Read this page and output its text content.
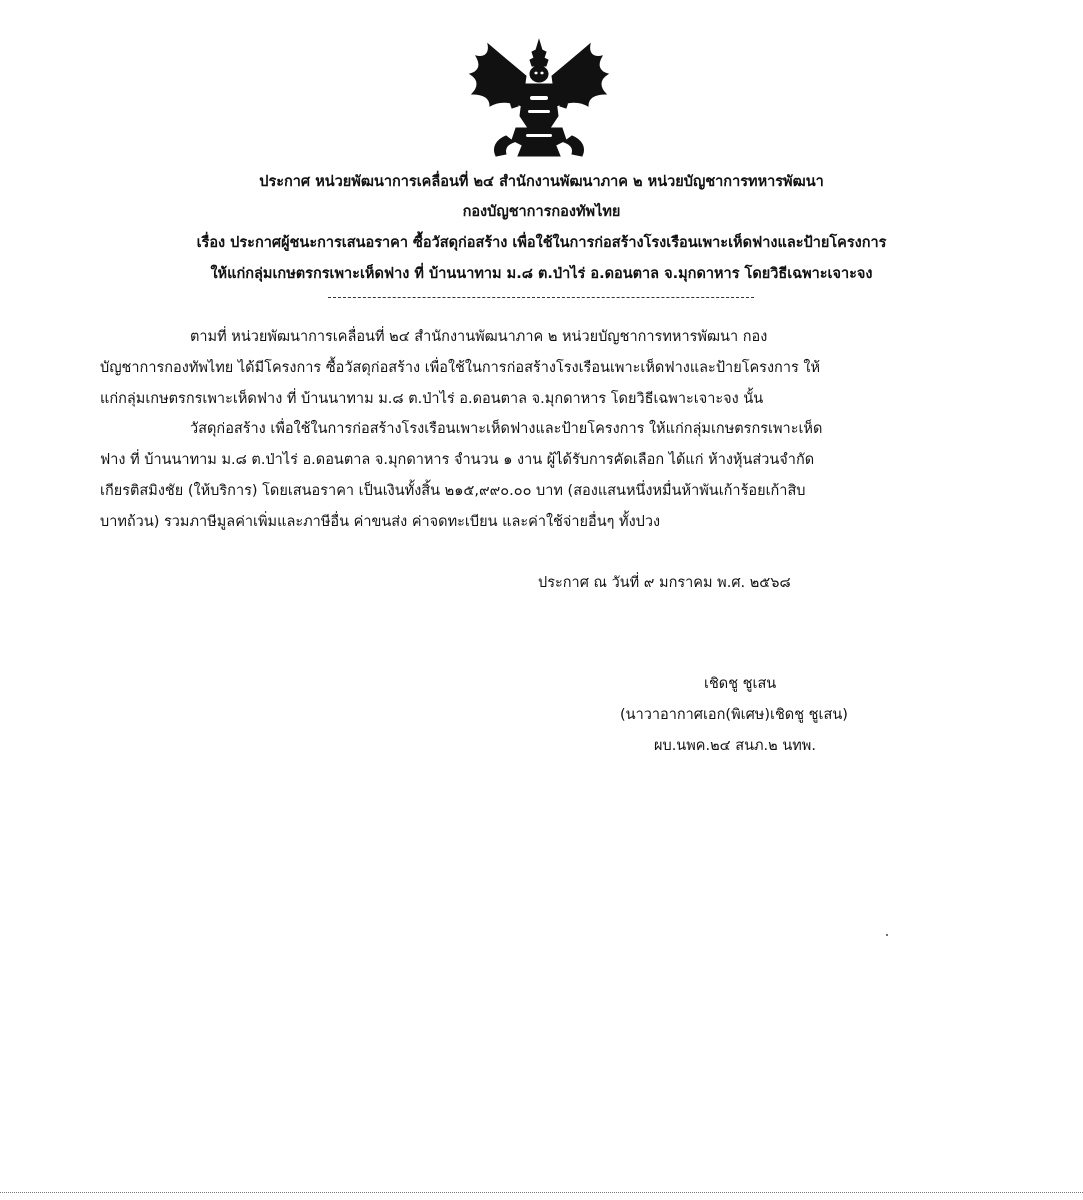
ประกาศ หน่วยพัฒนาการเคลื่อนที่ ๒๔ สำนักงานพัฒนาภาค ๒ หน่วยบัญชาการทหารพัฒนา
กองบัญชาการกองทัพไทย
เรื่อง ประกาศผู้ชนะการเสนอราคา ซื้อวัสดุก่อสร้าง เพื่อใช้ในการก่อสร้างโรงเรือนเพาะเห็ดฟางและป้ายโครงการ
ให้แก่กลุ่มเกษตรกรเพาะเห็ดฟาง ที่ บ้านนาทาม ม.๘ ต.ป่าไร่ อ.ดอนตาล จ.มุกดาหาร โดยวิธีเฉพาะเจาะจง
ตามที่ หน่วยพัฒนาการเคลื่อนที่ ๒๔ สำนักงานพัฒนาภาค ๒ หน่วยบัญชาการทหารพัฒนา กอง
บัญชาการกองทัพไทย ได้มีโครงการ ซื้อวัสดุก่อสร้าง เพื่อใช้ในการก่อสร้างโรงเรือนเพาะเห็ดฟางและป้ายโครงการ ให้
แก่กลุ่มเกษตรกรเพาะเห็ดฟาง ที่ บ้านนาทาม ม.๘ ต.ป่าไร่ อ.ดอนตาล จ.มุกดาหาร โดยวิธีเฉพาะเจาะจง นั้น
วัสดุก่อสร้าง เพื่อใช้ในการก่อสร้างโรงเรือนเพาะเห็ดฟางและป้ายโครงการ ให้แก่กลุ่มเกษตรกรเพาะเห็ด
ฟาง ที่ บ้านนาทาม ม.๘ ต.ป่าไร่ อ.ดอนตาล จ.มุกดาหาร จำนวน ๑ งาน ผู้ได้รับการคัดเลือก ได้แก่ ห้างหุ้นส่วนจำกัด
เกียรติสมิงชัย (ให้บริการ) โดยเสนอราคา เป็นเงินทั้งสิ้น ๒๑๕,๙๙๐.๐๐ บาท (สองแสนหนึ่งหมื่นห้าพันเก้าร้อยเก้าสิบ
บาทถ้วน) รวมภาษีมูลค่าเพิ่มและภาษีอื่น ค่าขนส่ง ค่าจดทะเบียน และค่าใช้จ่ายอื่นๆ ทั้งปวง
ประกาศ ณ วันที่ ๙ มกราคม พ.ศ. ๒๕๖๘
เชิดชู ชูเสน
(นาวาอากาศเอก(พิเศษ)เชิดชู ชูเสน)
ผบ.นพค.๒๔ สนภ.๒ นทพ.
